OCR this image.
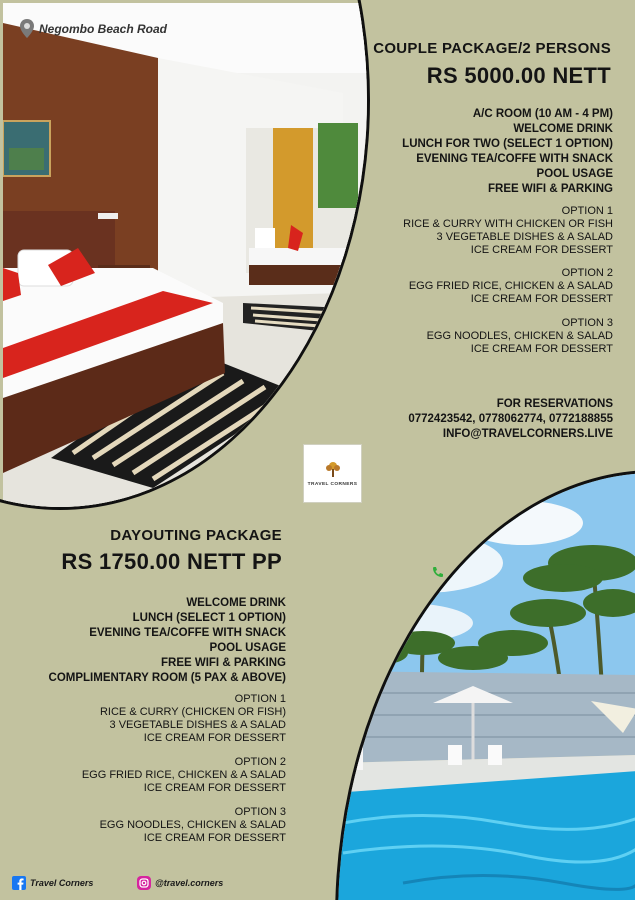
Negombo Beach Road
COUPLE PACKAGE/2 PERSONS
RS 5000.00 NETT
A/C ROOM (10 AM - 4 PM)
WELCOME DRINK
LUNCH FOR TWO (SELECT 1 OPTION)
EVENING TEA/COFFE WITH SNACK
POOL USAGE
FREE WIFI & PARKING
OPTION 1
RICE & CURRY WITH CHICKEN OR FISH
3 VEGETABLE DISHES & A SALAD
ICE CREAM FOR DESSERT
OPTION 2
EGG FRIED RICE, CHICKEN & A SALAD
ICE CREAM FOR DESSERT
OPTION 3
EGG NOODLES, CHICKEN & SALAD
ICE CREAM FOR DESSERT
FOR RESERVATIONS
0772423542, 0778062774, 0772188855
INFO@TRAVELCORNERS.LIVE
TRAVEL CORNERS
DAYOUTING PACKAGE
RS 1750.00 NETT PP
WELCOME DRINK
LUNCH (SELECT 1 OPTION)
EVENING TEA/COFFE WITH SNACK
POOL USAGE
FREE WIFI & PARKING
COMPLIMENTARY ROOM (5 PAX & ABOVE)
OPTION 1
RICE & CURRY (CHICKEN OR FISH)
3 VEGETABLE DISHES & A SALAD
ICE CREAM FOR DESSERT
OPTION 2
EGG FRIED RICE, CHICKEN & A SALAD
ICE CREAM FOR DESSERT
OPTION 3
EGG NOODLES, CHICKEN & SALAD
ICE CREAM FOR DESSERT
Travel Corners	@travel.corners
